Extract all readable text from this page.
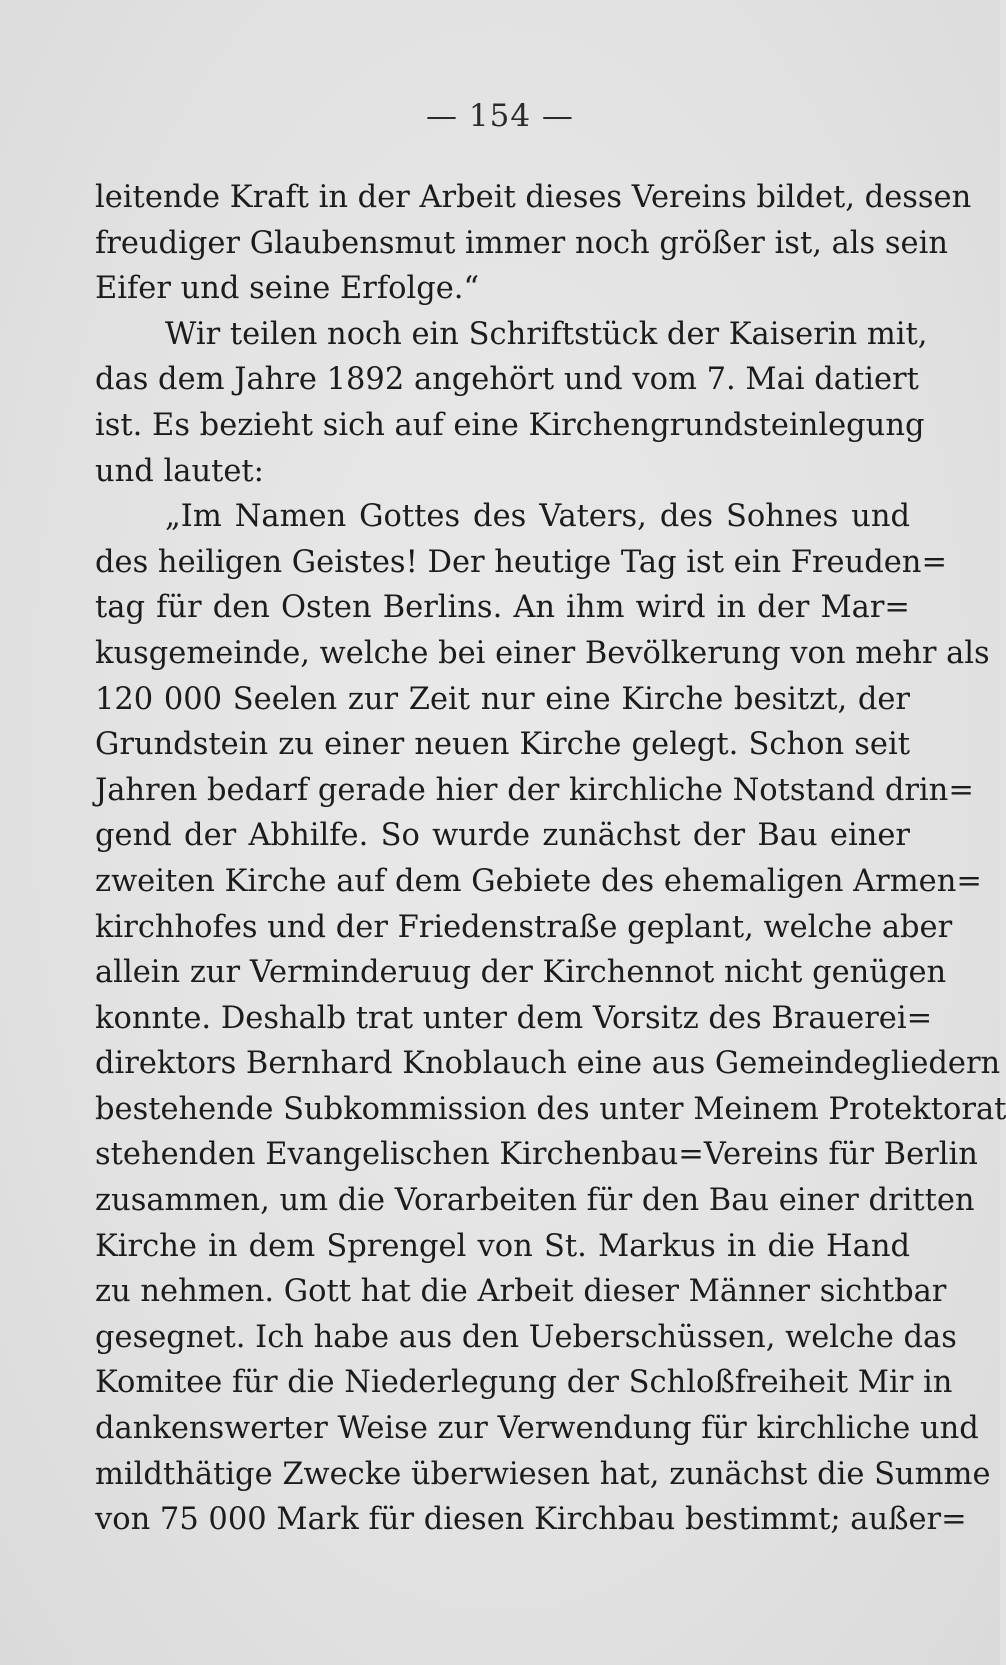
— 154 —
leitende Kraft in der Arbeit dieses Vereins bildet, dessen
freudiger Glaubensmut immer noch größer ist, als sein
Eifer und seine Erfolge.“
Wir teilen noch ein Schriftstück der Kaiserin mit,
das dem Jahre 1892 angehört und vom 7. Mai datiert
ist. Es bezieht sich auf eine Kirchengrundsteinlegung
und lautet:
„Im Namen Gottes des Vaters, des Sohnes und
des heiligen Geistes! Der heutige Tag ist ein Freuden=
tag für den Osten Berlins. An ihm wird in der Mar=
kusgemeinde, welche bei einer Bevölkerung von mehr als
120 000 Seelen zur Zeit nur eine Kirche besitzt, der
Grundstein zu einer neuen Kirche gelegt. Schon seit
Jahren bedarf gerade hier der kirchliche Notstand drin=
gend der Abhilfe. So wurde zunächst der Bau einer
zweiten Kirche auf dem Gebiete des ehemaligen Armen=
kirchhofes und der Friedenstraße geplant, welche aber
allein zur Verminderuug der Kirchennot nicht genügen
konnte. Deshalb trat unter dem Vorsitz des Brauerei=
direktors Bernhard Knoblauch eine aus Gemeindegliedern
bestehende Subkommission des unter Meinem Protektorat
stehenden Evangelischen Kirchenbau=Vereins für Berlin
zusammen, um die Vorarbeiten für den Bau einer dritten
Kirche in dem Sprengel von St. Markus in die Hand
zu nehmen. Gott hat die Arbeit dieser Männer sichtbar
gesegnet. Ich habe aus den Ueberschüssen, welche das
Komitee für die Niederlegung der Schloßfreiheit Mir in
dankenswerter Weise zur Verwendung für kirchliche und
mildthätige Zwecke überwiesen hat, zunächst die Summe
von 75 000 Mark für diesen Kirchbau bestimmt; außer=
